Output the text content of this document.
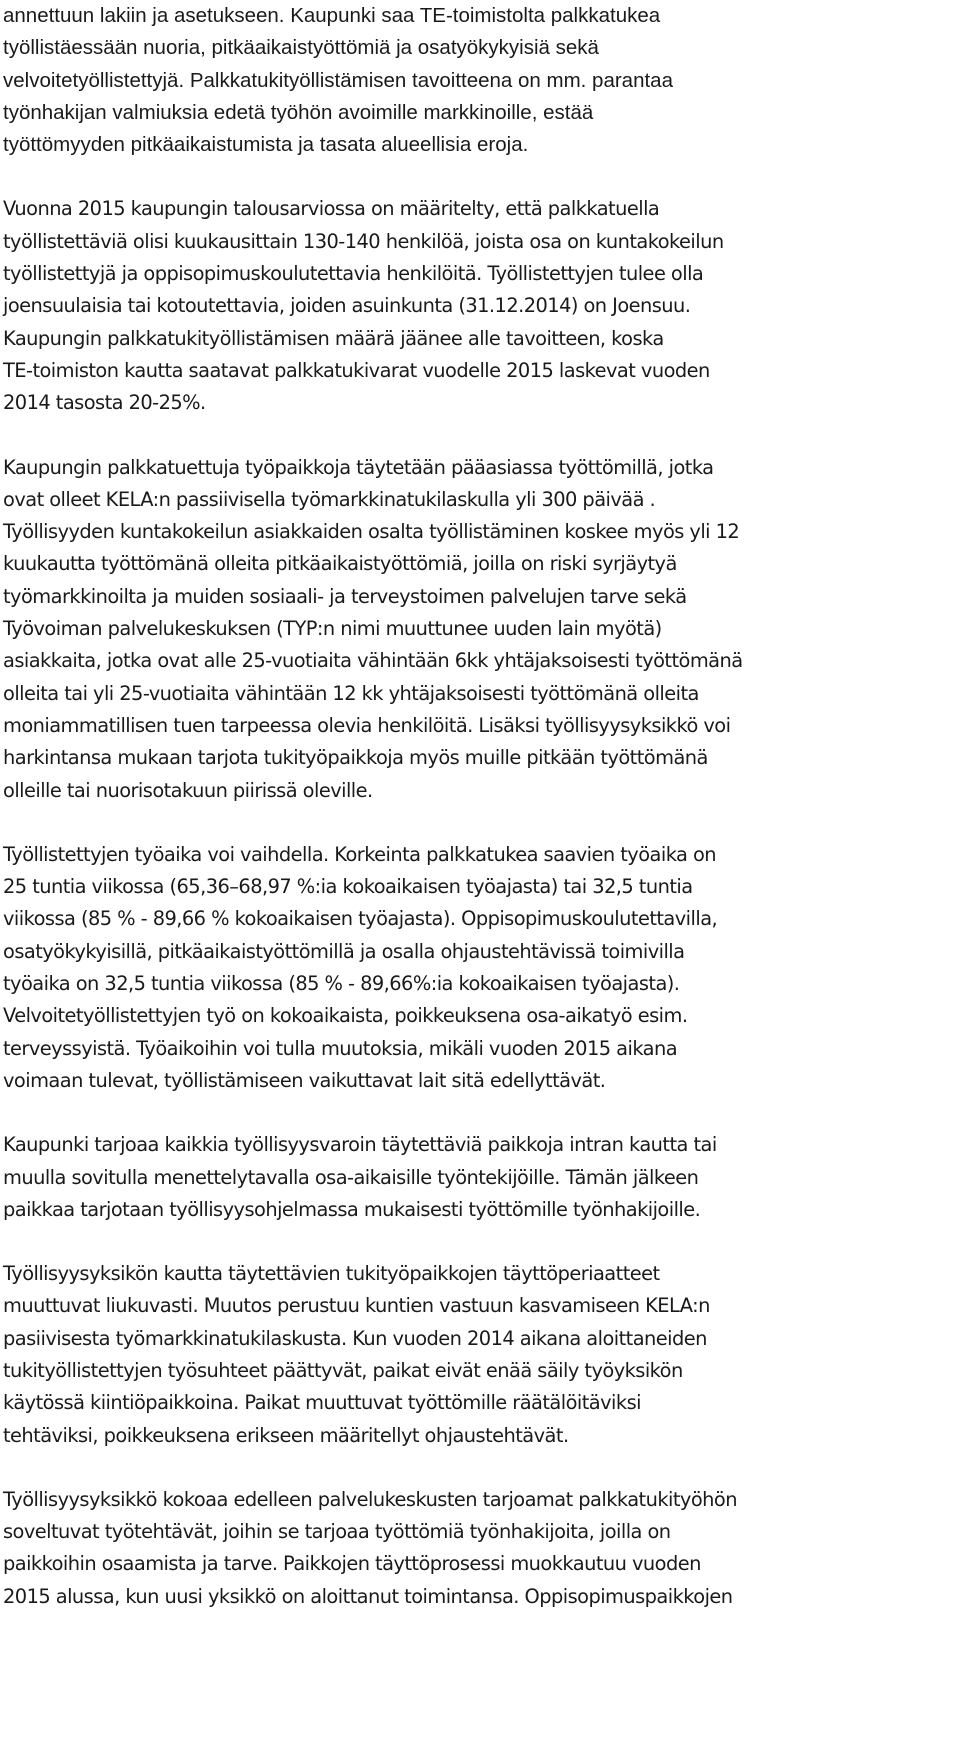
annettuun lakiin ja asetukseen. Kaupunki saa TE-toimistolta palkkatukea
työllistäessään nuoria, pitkäaikaistyöttömiä ja osatyökykyisiä sekä
velvoitetyöllistettyjä. Palkkatukityöllistämisen tavoitteena on mm. parantaa
työnhakijan valmiuksia edetä työhön avoimille markkinoille, estää
työttömyyden pitkäaikaistumista ja tasata alueellisia eroja.
Vuonna 2015 kaupungin talousarviossa on määritelty, että palkkatuella
työllistettäviä olisi kuukausittain 130-140 henkilöä, joista osa on kuntakokeilun
työllistettyjä ja oppisopimuskoulutettavia henkilöitä. Työllistettyjen tulee olla
joensuulaisia tai kotoutettavia, joiden asuinkunta (31.12.2014) on Joensuu.
Kaupungin palkkatukityöllistämisen määrä jäänee alle tavoitteen, koska
TE-toimiston kautta saatavat palkkatukivarat vuodelle 2015 laskevat vuoden
2014 tasosta 20-25%.
Kaupungin palkkatuettuja työpaikkoja täytetään pääasiassa työttömillä, jotka
ovat olleet KELA:n passiivisella työmarkkinatukilaskulla yli 300 päivää .
Työllisyyden kuntakokeilun asiakkaiden osalta työllistäminen koskee myös yli 12
kuukautta työttömänä olleita pitkäaikaistyöttömiä, joilla on riski syrjäytyä
työmarkkinoilta ja muiden sosiaali- ja terveystoimen palvelujen tarve sekä
Työvoiman palvelukeskuksen (TYP:n nimi muuttunee uuden lain myötä)
asiakkaita, jotka ovat alle 25-vuotiaita vähintään 6kk yhtäjaksoisesti työttömänä
olleita tai yli 25-vuotiaita vähintään 12 kk yhtäjaksoisesti työttömänä olleita
moniammatillisen tuen tarpeessa olevia henkilöitä. Lisäksi työllisyysyksikkö voi
harkintansa mukaan tarjota tukityöpaikkoja myös muille pitkään työttömänä
olleille tai nuorisotakuun piirissä oleville.
Työllistettyjen työaika voi vaihdella. Korkeinta palkkatukea saavien työaika on
25 tuntia viikossa (65,36–68,97 %:ia kokoaikaisen työajasta) tai 32,5 tuntia
viikossa (85 % - 89,66 % kokoaikaisen työajasta). Oppisopimuskoulutettavilla,
osatyökykyisillä, pitkäaikaistyöttömillä ja osalla ohjaustehtävissä toimivilla
työaika on 32,5 tuntia viikossa (85 % - 89,66%:ia kokoaikaisen työajasta).
Velvoitetyöllistettyjen työ on kokoaikaista, poikkeuksena osa-aikatyö esim.
terveyssyistä. Työaikoihin voi tulla muutoksia, mikäli vuoden 2015 aikana
voimaan tulevat, työllistämiseen vaikuttavat lait sitä edellyttävät.
Kaupunki tarjoaa kaikkia työllisyysvaroin täytettäviä paikkoja intran kautta tai
muulla sovitulla menettelytavalla osa-aikaisille työntekijöille. Tämän jälkeen
paikkaa tarjotaan työllisyysohjelmassa mukaisesti työttömille työnhakijoille.
Työllisyysyksikön kautta täytettävien tukityöpaikkojen täyttöperiaatteet
muuttuvat liukuvasti. Muutos perustuu kuntien vastuun kasvamiseen KELA:n
pasiivisesta työmarkkinatukilaskusta. Kun vuoden 2014 aikana aloittaneiden
tukityöllistettyjen työsuhteet päättyvät, paikat eivät enää säily työyksikön
käytössä kiintiöpaikkoina. Paikat muuttuvat työttömille räätälöitäviksi
tehtäviksi, poikkeuksena erikseen määritellyt ohjaustehtävät.
Työllisyysyksikkö kokoaa edelleen palvelukeskusten tarjoamat palkkatukityöhön
soveltuvat työtehtävät, joihin se tarjoaa työttömiä työnhakijoita, joilla on
paikkoihin osaamista ja tarve. Paikkojen täyttöprosessi muokkautuu vuoden
2015 alussa, kun uusi yksikkö on aloittanut toimintansa. Oppisopimuspaikkojen
